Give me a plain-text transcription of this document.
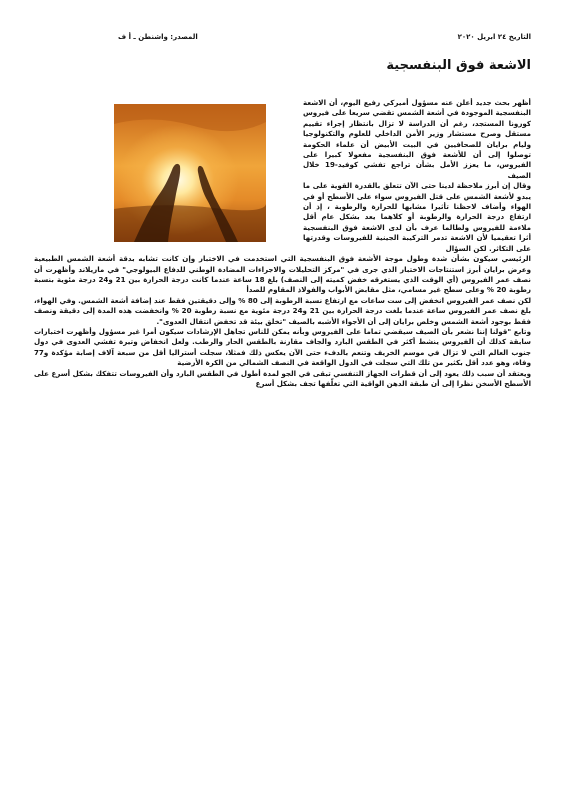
التاريخ ٢٤ ابريل ٢٠٢٠
المصدر: واشنطن ـ أ ف
الاشعة فوق البنفسجية

أظهر بحث جديد أعلن عنه مسؤول أميركي رفيع اليوم، أن الاشعة البنفسجية الموجودة في أشعة الشمس تقضي سريعا على فيروس كورونا المستجد، رغم أن الدراسة لا تزال بانتظار إجراء تقييم مستقل وصرح مستشار وزير الأمن الداخلي للعلوم والتكنولوجيا وليام برايان للصحافيين في البيت الأبيض أن علماء الحكومة توصلوا إلى أن للأشعة فوق البنفسجية مفعولا كبيرا على الفيروس، ما يعزز الأمل بشأن تراجع تفشي كوفيد-19 خلال الصيف

وقال إن أبرز ملاحظة لدينا حتى الآن تتعلق بالقدرة القوية على ما يبدو لأشعة الشمس على قتل الفيروس سواء على الأسطح أو في الهواء وأضاف لاحظنا تأثيرا مشابها للحرارة والرطوبة ، إذ أن ارتفاع درجة الحرارة والرطوبة أو كلاهما يعد بشكل عام أقل ملاءمة للفيروس ولطالما عرف بأن لدى الاشعة فوق البنفسجية أثرا تعقيميا لأن الاشعة تدمر التركيبة الجينية للفيروسات وقدرتها على التكاثر. لكن السؤال

الرئيسي سيكون بشأن شدة وطول موجة الأشعة فوق البنفسجية التي استخدمت في الاختبار وإن كانت تشابه بدقة أشعة الشمس الطبيعية وعرض برايان أبرز استنتاجات الاختبار الذي جرى في "مركز التحليلات والاجراءات المضادة الوطني للدفاع البيولوجي" في ماريلاند وأظهرت أن نصف عمر الفيروس (أي الوقت الذي يستغرقه خفض كميته إلى النصف) بلغ 18 ساعة عندما كانت درجة الحرارة بين 21 و24 درجة مئوية بنسبة رطوبة 20 % وعلى سطح غير مسامي، مثل مقابض الأبواب والفولاذ المقاوم للصدأ

لكن نصف عمر الفيروس انخفض إلى ست ساعات مع ارتفاع نسبة الرطوبة إلى 80 % وإلى دقيقتين فقط عند إضافة أشعة الشمس. وفي الهواء، بلغ نصف عمر الفيروس ساعة عندما بلغت درجة الحرارة بين 21 و24 درجة مئوية مع نسبة رطوبة 20 % وانخفضت هذه المدة إلى دقيقة ونصف فقط بوجود أشعة الشمس وخلص برايان إلى أن الأجواء الأشبه بالصيف "تخلق بيئة قد تخفض انتقال العدوى".

وتابع "قولنا إننا نشعر بأن الصيف سيقضي تماما على الفيروس وبأنه يمكن للناس تجاهل الإرشادات سيكون أمرا غير مسؤول وأظهرت اختبارات سابقة كذلك أن الفيروس ينشط أكثر في الطقس البارد والجاف مقارنة بالطقس الحار والرطب. ولعل انخفاض وتيرة تفشي العدوى في دول جنوب العالم التي لا تزال في موسم الخريف وتنعم بالدفء حتى الآن يعكس ذلك فمثلا، سجلت أستراليا أقل من سبعة آلاف إصابة مؤكدة و77 وفاة، وهو عدد أقل بكثير من تلك التي سجلت في الدول الواقعة في النصف الشمالي من الكرة الأرضية

ويعتقد أن سبب ذلك يعود إلى أن قطرات الجهاز التنفسي تبقى في الجو لمدة أطول في الطقس البارد وأن الفيروسات تتفكك بشكل أسرع على الأسطح الأسخن نظرا إلى أن طبقة الدهن الواقية التي تغلّفها تجف بشكل أسرع
